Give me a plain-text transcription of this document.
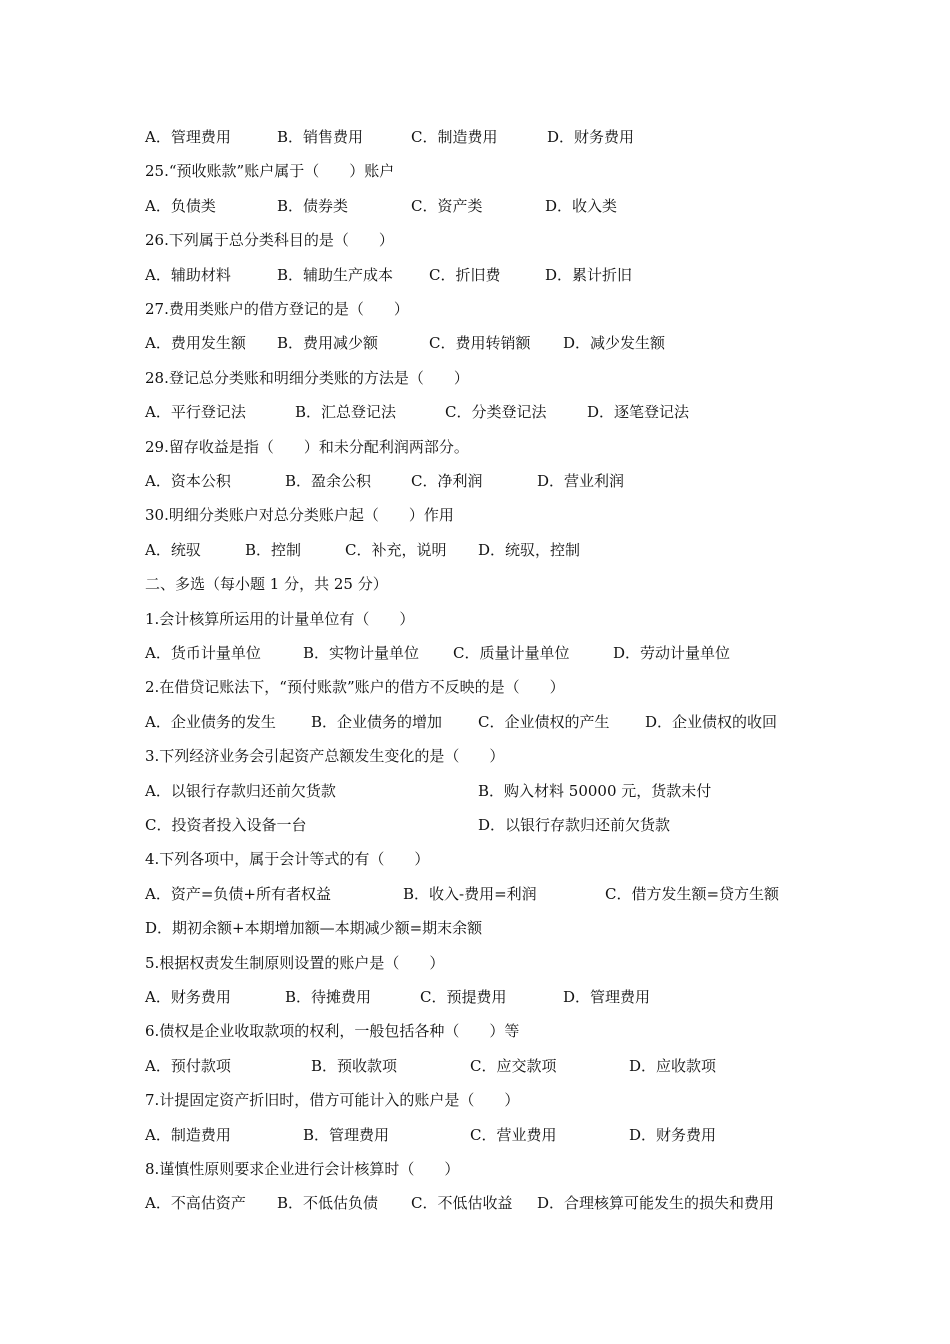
A．管理费用	B．销售费用	C．制造费用	D．财务费用
25.“预收账款”账户属于（　　）账户
A．负债类	B．债券类	C．资产类	D．收入类
26.下列属于总分类科目的是（　　）
A．辅助材料	B．辅助生产成本 C．折旧费	D．累计折旧
27.费用类账户的借方登记的是（　　）
A．费用发生额 B．费用减少额	C．费用转销额 D．减少发生额
28.登记总分类账和明细分类账的方法是（　　）
A．平行登记法	B．汇总登记法	C．分类登记法	D．逐笔登记法
29.留存收益是指（　　）和未分配利润两部分。
A．资本公积	B．盈余公积	C．净利润	D．营业利润
30.明细分类账户对总分类账户起（　　）作用
A．统驭	B．控制	C．补充，说明 D．统驭，控制
二、多选（每小题 1 分，共 25 分）
1.会计核算所运用的计量单位有（　　）
A．货币计量单位	B．实物计量单位 C．质量计量单位	D．劳动计量单位
2.在借贷记账法下，“预付账款”账户的借方不反映的是（　　）
A．企业债务的发生 B．企业债务的增加 C．企业债权的产生 D．企业债权的收回
3.下列经济业务会引起资产总额发生变化的是（　　）
A．以银行存款归还前欠货款	B．购入材料 50000 元，货款未付
C．投资者投入设备一台	D．以银行存款归还前欠货款
4.下列各项中，属于会计等式的有（　　）
A．资产=负债+所有者权益	B．收入-费用=利润	C．借方发生额=贷方生额
D．期初余额+本期增加额—本期减少额=期末余额
5.根据权责发生制原则设置的账户是（　　）
A．财务费用	B．待摊费用	C．预提费用	D．管理费用
6.债权是企业收取款项的权利，一般包括各种（　　）等
A．预付款项	B．预收款项	C．应交款项	D．应收款项
7.计提固定资产折旧时，借方可能计入的账户是（　　）
A．制造费用	B．管理费用	C．营业费用	D．财务费用
8.谨慎性原则要求企业进行会计核算时（　　）
A．不高估资产 B．不低估负债 C．不低估收益 D．合理核算可能发生的损失和费用
